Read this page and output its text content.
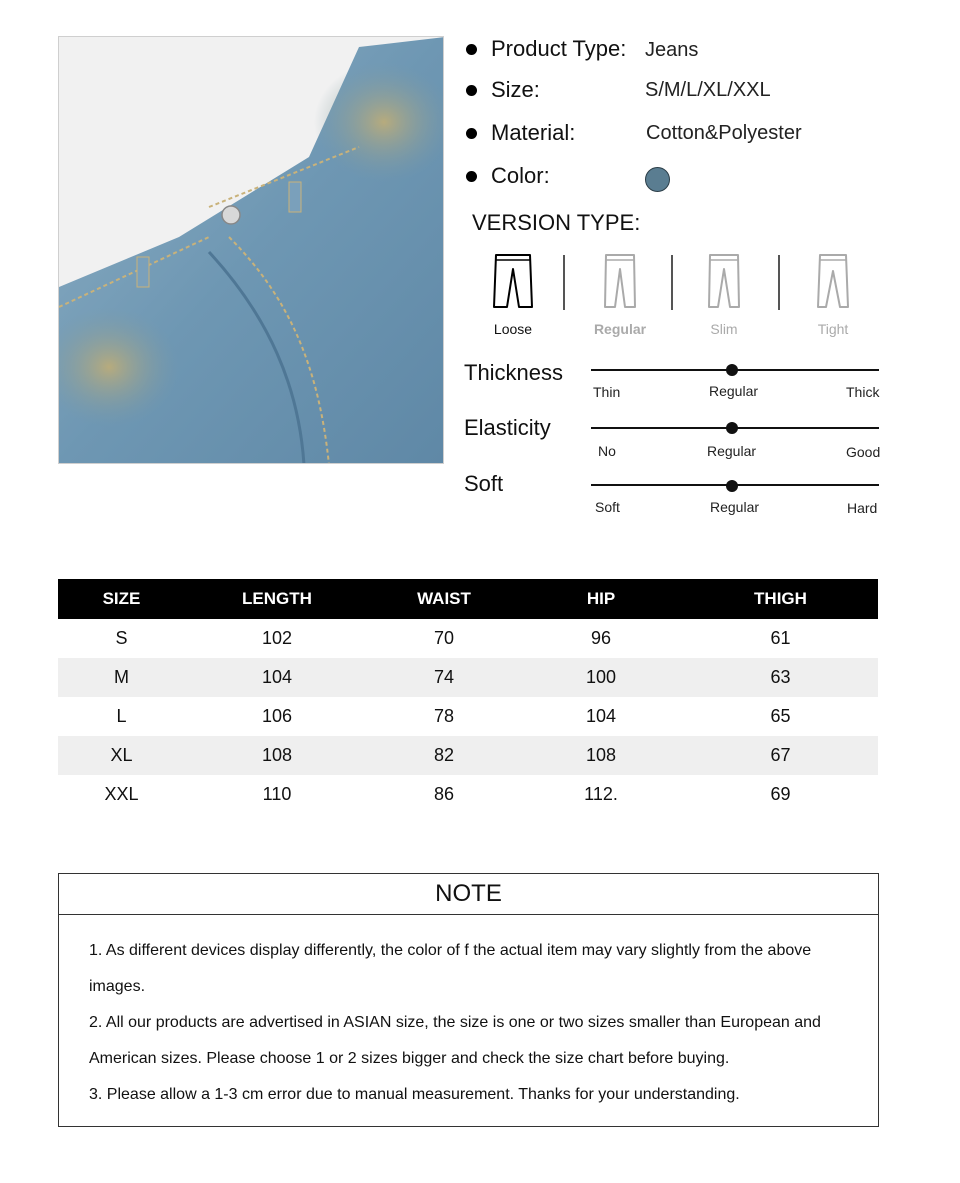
Product Type: Jeans
Size:	S/M/L/XL/XXL
Material:	Cotton&Polyester
Color:
VERSION TYPE:
Loose	Regular	Slim	Tight
Thickness
Thin	Regular	Thick
Elasticity
No	Regular	Good
Soft
Soft	Regular	Hard
SIZE	LENGTH	WAIST	HIP	THIGH
S	102	70	96	61
M	104	74	100	63
L	106	78	104	65
XL	108	82	108	67
XXL	110	86	112.	69
NOTE

1. As different devices display differently, the color of f the actual item may vary slightly from the above images.

2. All our products are advertised in ASIAN size, the size is one or two sizes smaller than European and American sizes. Please choose 1 or 2 sizes bigger and check the size chart before buying.

3. Please allow a 1-3 cm error due to manual measurement. Thanks for your understanding.
